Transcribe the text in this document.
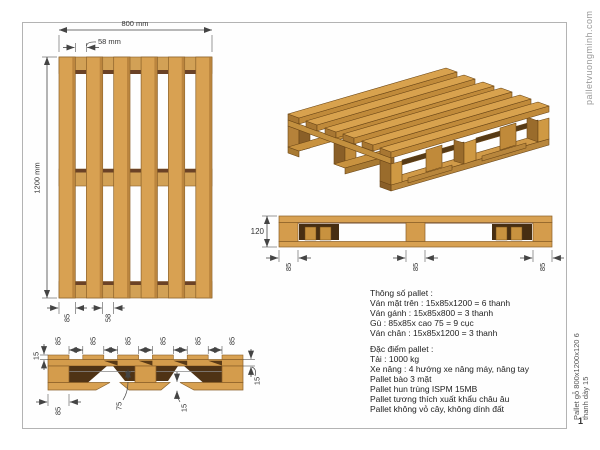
800 mm
58 mm
1200 mm
85	58
120
85	85	85
85	85	85	85	85	85
15
15
85
75	15
Thông số pallet :
Ván mặt trên : 15x85x1200 = 6 thanh
Ván gánh : 15x85x800 = 3 thanh
Gù : 85x85x cao 75 = 9 cục
Ván chân : 15x85x1200 = 3 thanh
Đặc điểm pallet :
Tải : 1000 kg
Xe nâng : 4 hướng xe nâng máy, nâng tay
Pallet bào 3 mặt
Pallet hun trùng ISPM 15MB
Pallet tương thích xuất khẩu châu âu
Pallet không vỏ cây, không dính đất
palletvuongminh.com
Pallet gỗ 800x1200x120 6 thanh dày 15
1
